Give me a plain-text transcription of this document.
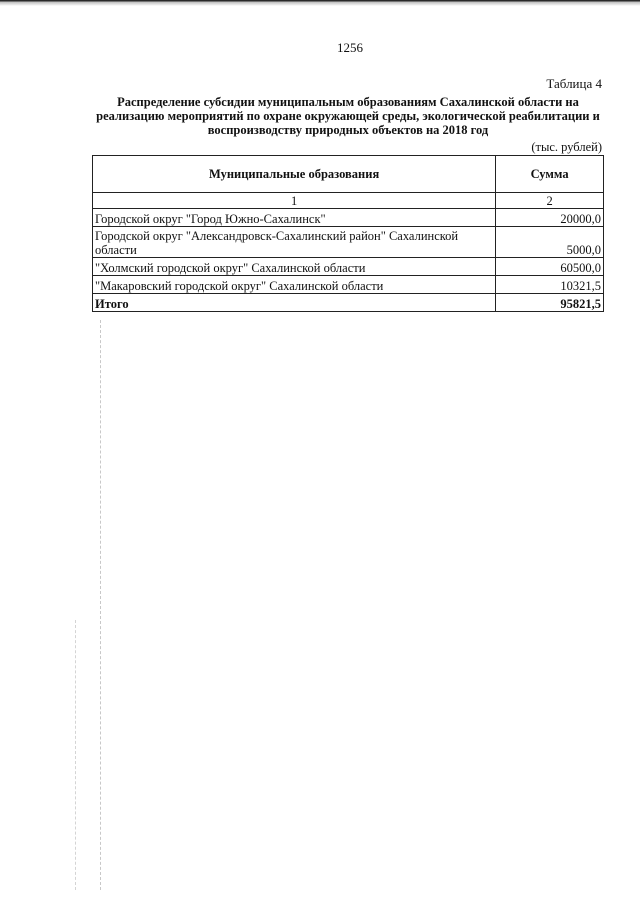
1256
Таблица 4
Распределение субсидии муниципальным образованиям Сахалинской области на реализацию мероприятий по охране окружающей среды, экологической реабилитации и воспроизводству природных объектов на 2018 год
(тыс. рублей)
Муниципальные образования	Сумма
1	2
Городской округ "Город Южно-Сахалинск"	20000,0
Городской округ "Александровск-Сахалинский район" Сахалинской области	5000,0
"Холмский городской округ" Сахалинской области	60500,0
"Макаровский городской округ" Сахалинской области	10321,5
Итого	95821,5
